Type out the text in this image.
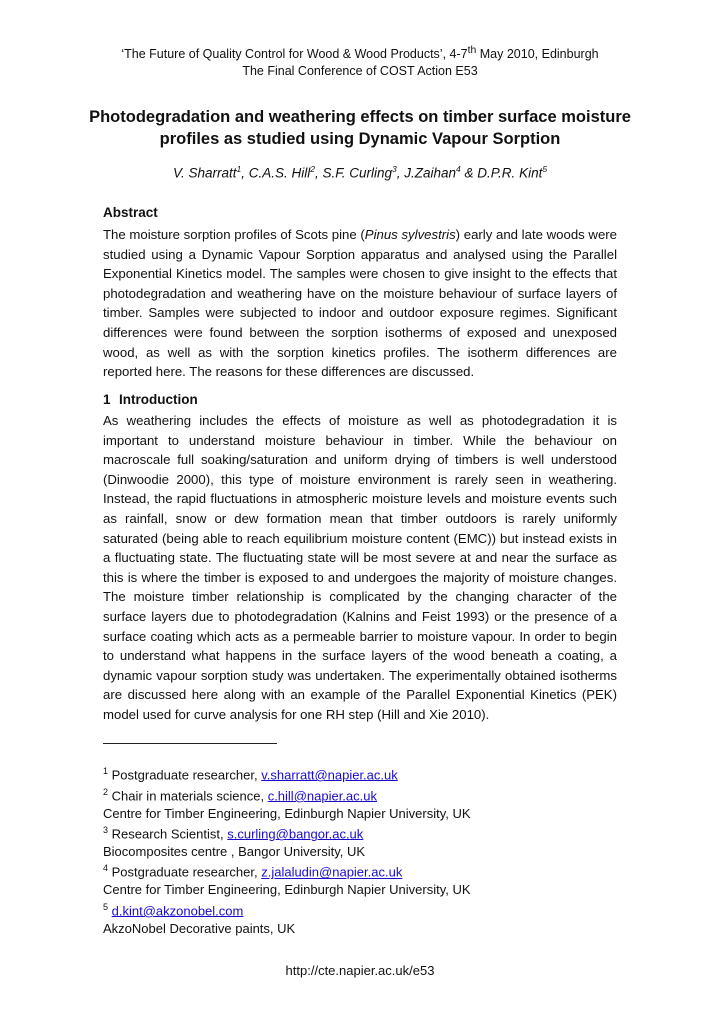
‘The Future of Quality Control for Wood & Wood Products’, 4-7th May 2010, Edinburgh
The Final Conference of COST Action E53
Photodegradation and weathering effects on timber surface moisture profiles as studied using Dynamic Vapour Sorption
V. Sharratt$^1$, C.A.S. Hill$^2$, S.F. Curling$^3$, J.Zaihan$^4$ & D.P.R. Kint$^5$
Abstract
The moisture sorption profiles of Scots pine (Pinus sylvestris) early and late woods were studied using a Dynamic Vapour Sorption apparatus and analysed using the Parallel Exponential Kinetics model. The samples were chosen to give insight to the effects that photodegradation and weathering have on the moisture behaviour of surface layers of timber. Samples were subjected to indoor and outdoor exposure regimes. Significant differences were found between the sorption isotherms of exposed and unexposed wood, as well as with the sorption kinetics profiles. The isotherm differences are reported here. The reasons for these differences are discussed.
1 Introduction
As weathering includes the effects of moisture as well as photodegradation it is important to understand moisture behaviour in timber. While the behaviour on macroscale full soaking/saturation and uniform drying of timbers is well understood (Dinwoodie 2000), this type of moisture environment is rarely seen in weathering. Instead, the rapid fluctuations in atmospheric moisture levels and moisture events such as rainfall, snow or dew formation mean that timber outdoors is rarely uniformly saturated (being able to reach equilibrium moisture content (EMC)) but instead exists in a fluctuating state. The fluctuating state will be most severe at and near the surface as this is where the timber is exposed to and undergoes the majority of moisture changes. The moisture timber relationship is complicated by the changing character of the surface layers due to photodegradation (Kalnins and Feist 1993) or the presence of a surface coating which acts as a permeable barrier to moisture vapour. In order to begin to understand what happens in the surface layers of the wood beneath a coating, a dynamic vapour sorption study was undertaken. The experimentally obtained isotherms are discussed here along with an example of the Parallel Exponential Kinetics (PEK) model used for curve analysis for one RH step (Hill and Xie 2010).
$^1$ Postgraduate researcher, v.sharratt@napier.ac.uk
$^2$ Chair in materials science, c.hill@napier.ac.uk
Centre for Timber Engineering, Edinburgh Napier University, UK
$^3$ Research Scientist, s.curling@bangor.ac.uk
Biocomposites centre , Bangor University, UK
$^4$ Postgraduate researcher, z.jalaludin@napier.ac.uk
Centre for Timber Engineering, Edinburgh Napier University, UK
$^5$ d.kint@akzonobel.com
AkzoNobel Decorative paints, UK
http://cte.napier.ac.uk/e53
